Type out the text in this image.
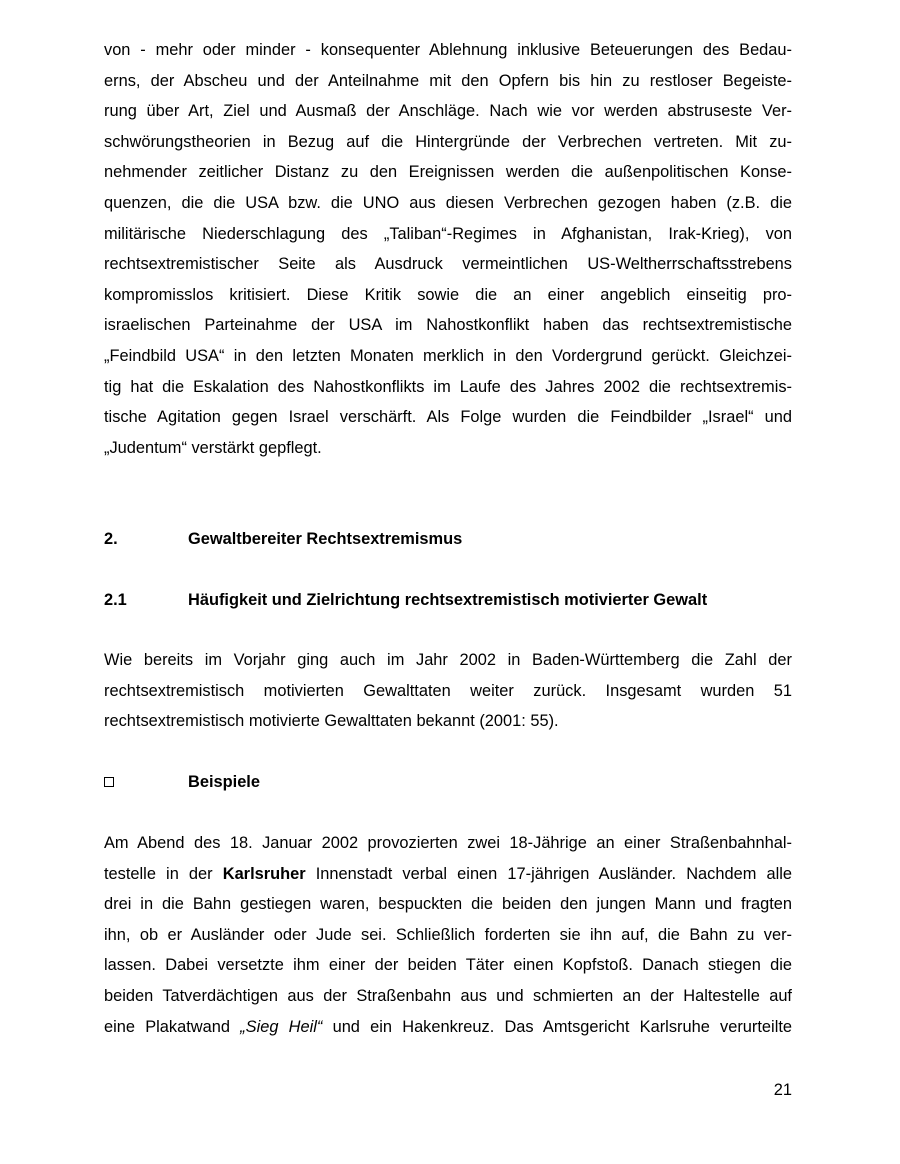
von - mehr oder minder - konsequenter Ablehnung inklusive Beteuerungen des Bedau-
erns, der Abscheu und der Anteilnahme mit den Opfern bis hin zu restloser Begeiste-
rung über Art, Ziel und Ausmaß der Anschläge. Nach wie vor werden abstruseste Ver-
schwörungstheorien in Bezug auf die Hintergründe der Verbrechen vertreten. Mit zu-
nehmender zeitlicher Distanz zu den Ereignissen werden die außenpolitischen Konse-
quenzen, die die USA bzw. die UNO aus diesen Verbrechen gezogen haben (z.B. die
militärische Niederschlagung des „Taliban“-Regimes in Afghanistan, Irak-Krieg), von
rechtsextremistischer Seite als Ausdruck vermeintlichen US-Weltherrschaftsstrebens
kompromisslos kritisiert. Diese Kritik sowie die an einer angeblich einseitig pro-
israelischen Parteinahme der USA im Nahostkonflikt haben das rechtsextremistische
„Feindbild USA“ in den letzten Monaten merklich in den Vordergrund gerückt. Gleichzei-
tig hat die Eskalation des Nahostkonflikts im Laufe des Jahres 2002 die rechtsextremis-
tische Agitation gegen Israel verschärft. Als Folge wurden die Feindbilder „Israel“ und
„Judentum“ verstärkt gepflegt.

2.	Gewaltbereiter Rechtsextremismus
2.1	Häufigkeit und Zielrichtung rechtsextremistisch motivierter Gewalt

Wie bereits im Vorjahr ging auch im Jahr 2002 in Baden-Württemberg die Zahl der
rechtsextremistisch motivierten Gewalttaten weiter zurück. Insgesamt wurden 51
rechtsextremistisch motivierte Gewalttaten bekannt (2001: 55).

Beispiele

Am Abend des 18. Januar 2002 provozierten zwei 18-Jährige an einer Straßenbahnhal-
testelle in der Karlsruher Innenstadt verbal einen 17-jährigen Ausländer. Nachdem alle
drei in die Bahn gestiegen waren, bespuckten die beiden den jungen Mann und fragten
ihn, ob er Ausländer oder Jude sei. Schließlich forderten sie ihn auf, die Bahn zu ver-
lassen. Dabei versetzte ihm einer der beiden Täter einen Kopfstoß. Danach stiegen die
beiden Tatverdächtigen aus der Straßenbahn aus und schmierten an der Haltestelle auf
eine Plakatwand „Sieg Heil“ und ein Hakenkreuz. Das Amtsgericht Karlsruhe verurteilte

21
